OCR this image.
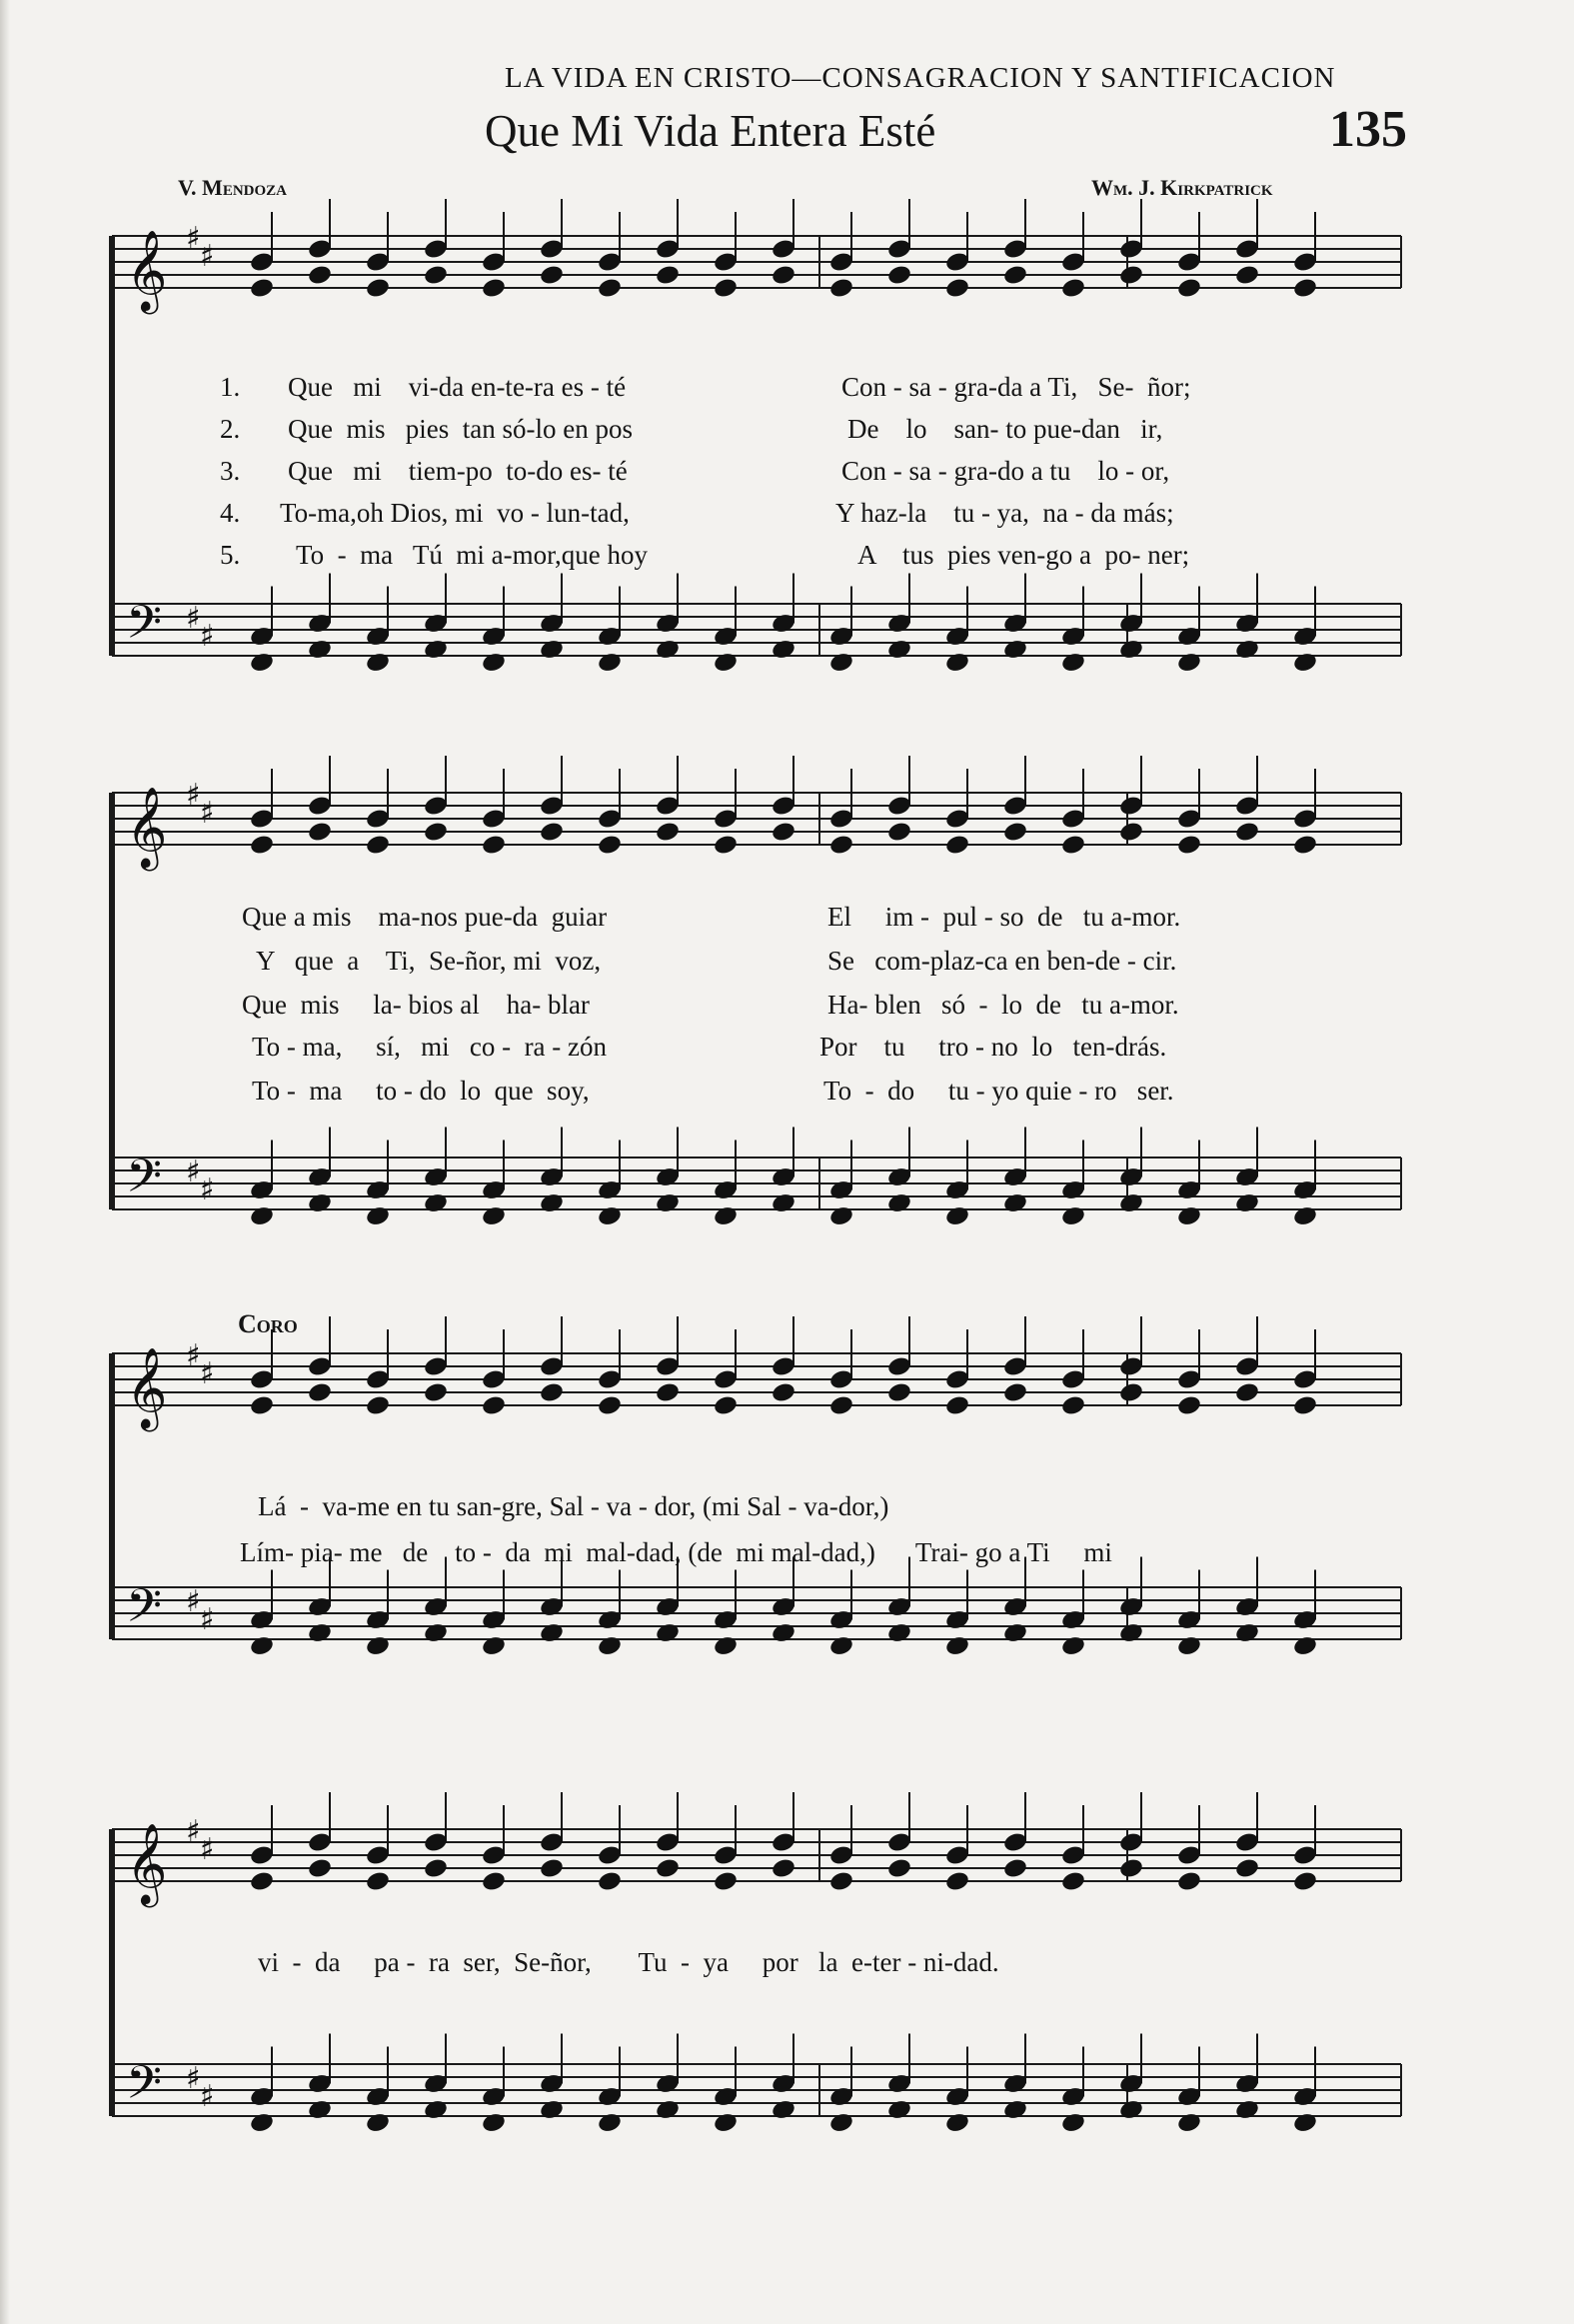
LA VIDA EN CRISTO—CONSAGRACION Y SANTIFICACION
Que Mi Vida Entera Esté	135
V. Mendoza	Wm. J. Kirkpatrick
𝄞
𝄢
♯
♯
♯
♯
𝄞
𝄢
♯
♯
♯
♯
𝄞
𝄢
♯
♯
♯
♯
𝄞
𝄢
♯
♯
♯
♯
1. Que   mi    vi-da en-te-ra es - té	Con - sa - gra-da a Ti,   Se-  ñor;
2. Que  mis   pies  tan só-lo en pos	De    lo    san- to pue-dan   ir,
3. Que   mi    tiem-po  to-do es- té	Con - sa - gra-do a tu    lo - or,
4. To-ma,oh Dios, mi  vo - lun-tad,	Y haz-la    tu - ya,  na - da más;
5. To  -  ma   Tú  mi a-mor,que hoy	A    tus  pies ven-go a  po- ner;
Que a mis    ma-nos pue-da  guiar	El     im -  pul - so  de   tu a-mor.
Y   que  a    Ti,  Se-ñor, mi  voz,	Se   com-plaz-ca en ben-de - cir.
Que  mis     la- bios al    ha- blar	Ha- blen   só  -  lo  de   tu a-mor.
To - ma,     sí,   mi   co -  ra - zón	Por    tu     tro - no  lo   ten-drás.
To -  ma     to - do  lo  que  soy,	To  -  do     tu - yo quie - ro   ser.
Coro
Lá  -  va-me en tu san-gre, Sal - va - dor, (mi Sal - va-dor,)
Lím- pia- me   de    to -  da  mi  mal-dad, (de  mi mal-dad,)      Trai- go a Ti     mi
vi  -  da     pa -  ra  ser,  Se-ñor,       Tu  -  ya     por   la  e-ter - ni-dad.
